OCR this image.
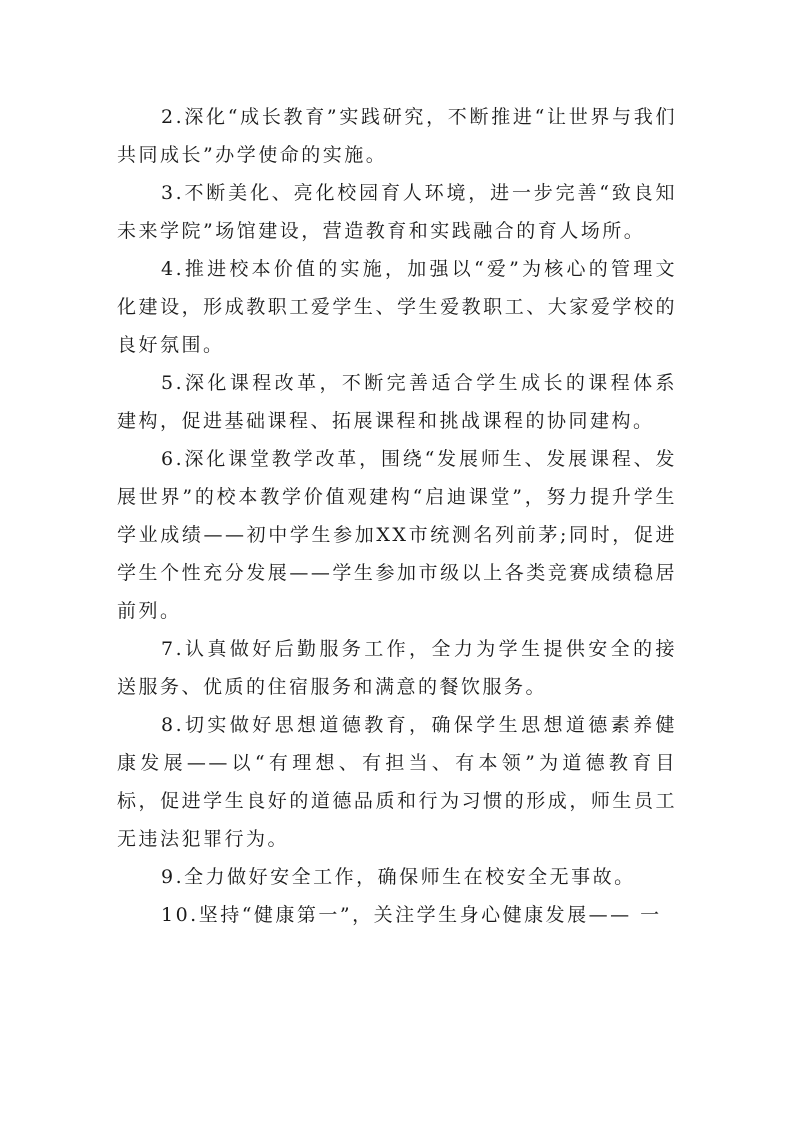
2.深化“成长教育”实践研究，不断推进“让世界与我们共同成长”办学使命的实施。

3.不断美化、亮化校园育人环境，进一步完善“致良知未来学院”场馆建设，营造教育和实践融合的育人场所。

4.推进校本价值的实施，加强以“爱”为核心的管理文化建设，形成教职工爱学生、学生爱教职工、大家爱学校的良好氛围。

5.深化课程改革，不断完善适合学生成长的课程体系建构，促进基础课程、拓展课程和挑战课程的协同建构。

6.深化课堂教学改革，围绕“发展师生、发展课程、发展世界”的校本教学价值观建构“启迪课堂”，努力提升学生学业成绩——初中学生参加XX市统测名列前茅;同时，促进学生个性充分发展——学生参加市级以上各类竞赛成绩稳居前列。

7.认真做好后勤服务工作，全力为学生提供安全的接送服务、优质的住宿服务和满意的餐饮服务。

8.切实做好思想道德教育，确保学生思想道德素养健康发展——以“有理想、有担当、有本领”为道德教育目标，促进学生良好的道德品质和行为习惯的形成，师生员工无违法犯罪行为。

9.全力做好安全工作，确保师生在校安全无事故。

10.坚持“健康第一”，关注学生身心健康发展—— 一
